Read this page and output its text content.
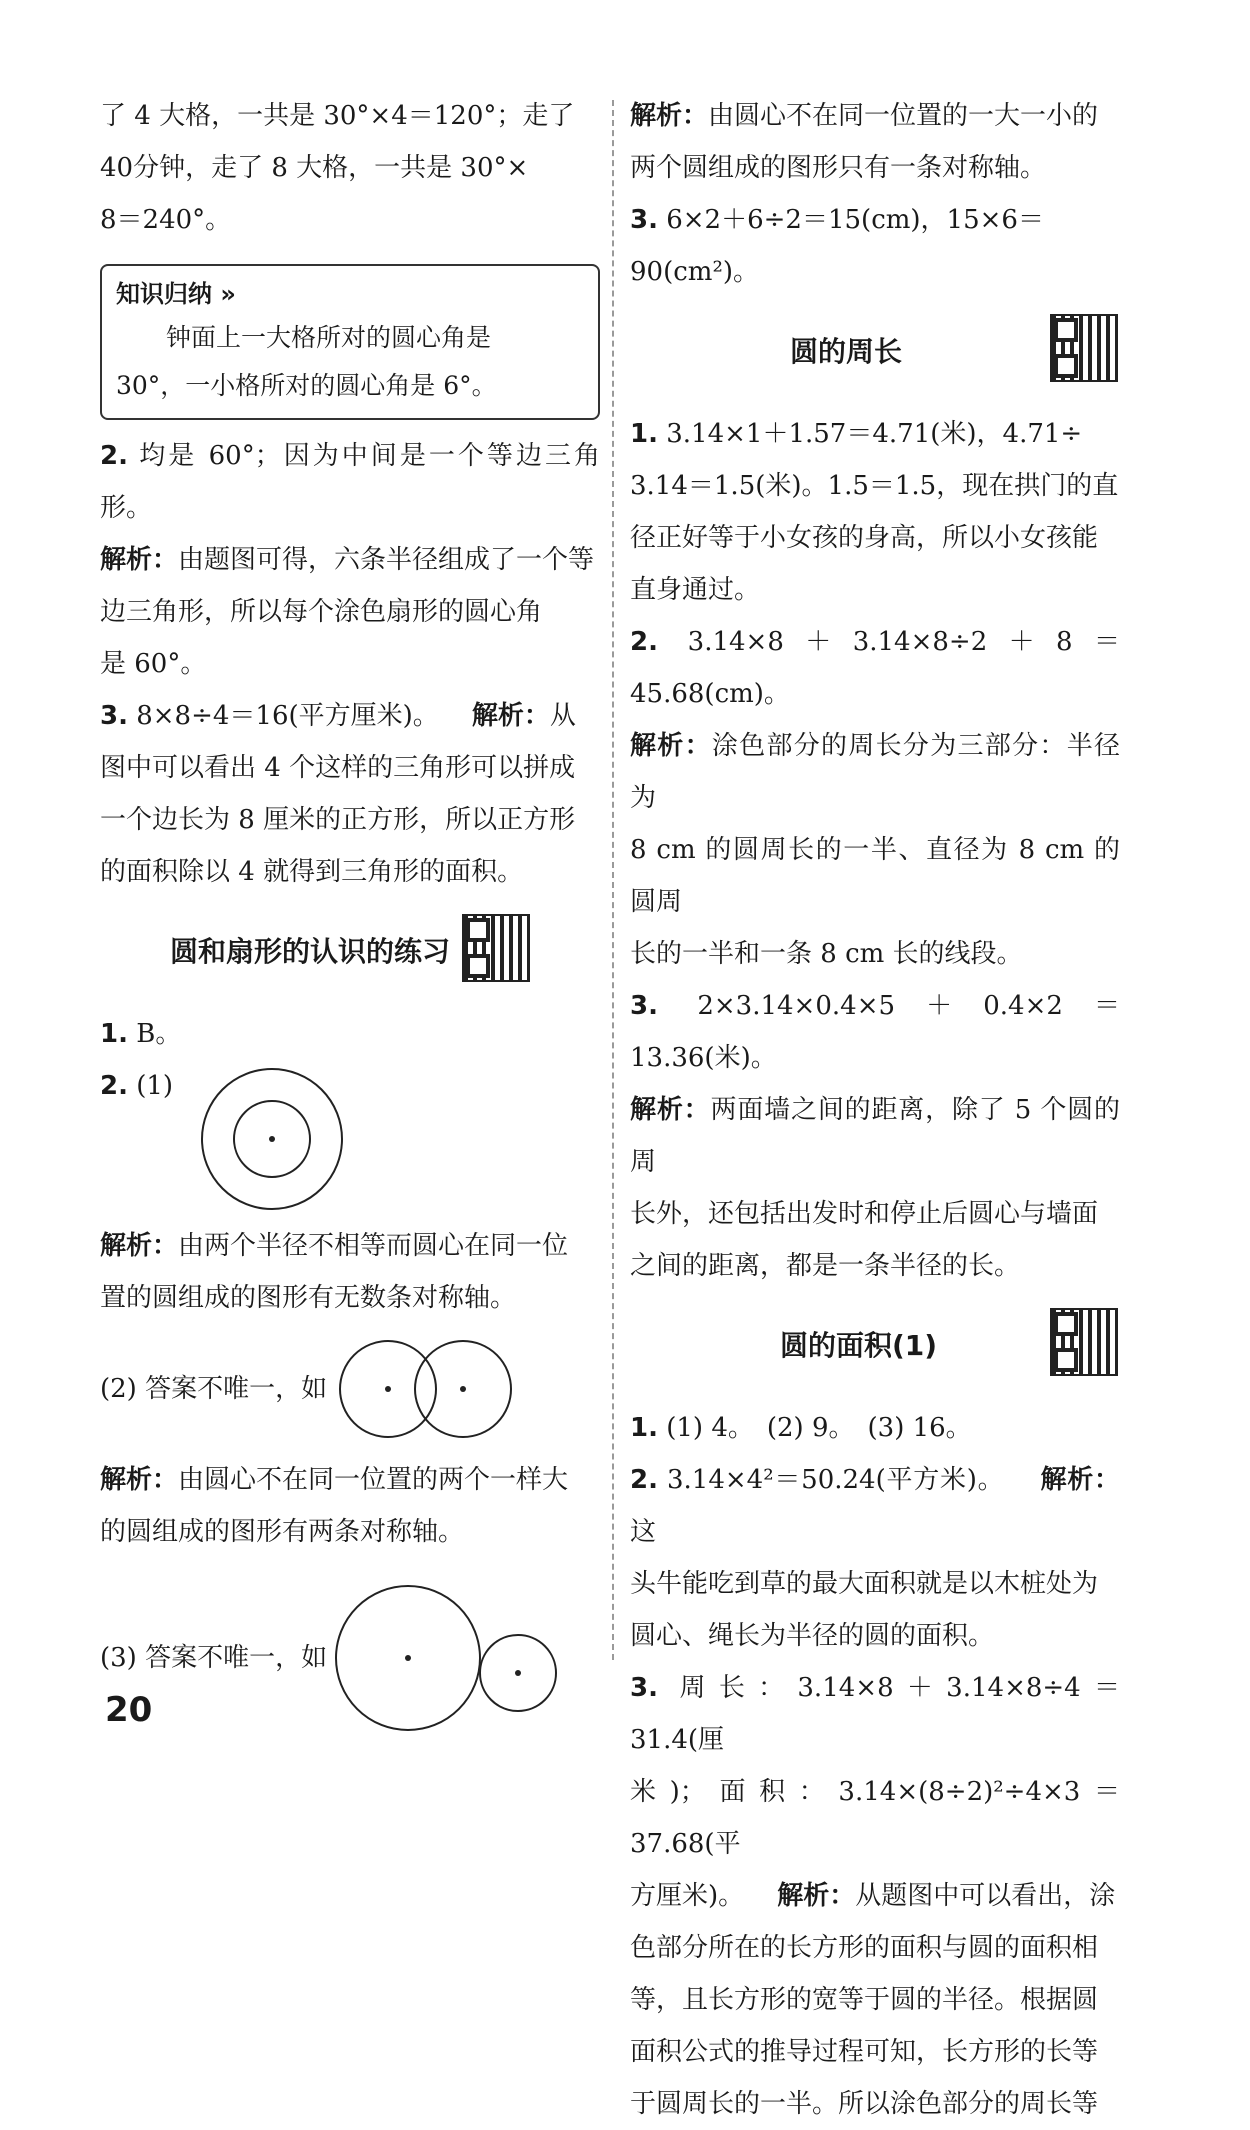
了 4 大格，一共是 30°×4＝120°；走了

40分钟，走了 8 大格，一共是 30°×

8＝240°。

知识归纳 »

钟面上一大格所对的圆心角是

30°，一小格所对的圆心角是 6°。

2. 均是 60°；因为中间是一个等边三角形。

解析：由题图可得，六条半径组成了一个等

边三角形，所以每个涂色扇形的圆心角

是 60°。

3. 8×8÷4＝16(平方厘米)。 解析：从

图中可以看出 4 个这样的三角形可以拼成

一个边长为 8 厘米的正方形，所以正方形

的面积除以 4 就得到三角形的面积。

圆和扇形的认识的练习

1. B。

2. (1)

解析：由两个半径不相等而圆心在同一位

置的圆组成的图形有无数条对称轴。

(2) 答案不唯一，如

解析：由圆心不在同一位置的两个一样大

的圆组成的图形有两条对称轴。

(3) 答案不唯一，如

解析：由圆心不在同一位置的一大一小的

两个圆组成的图形只有一条对称轴。

3. 6×2＋6÷2＝15(cm)，15×6＝

90(cm²)。

圆的周长

1. 3.14×1＋1.57＝4.71(米)，4.71÷

3.14＝1.5(米)。1.5＝1.5，现在拱门的直

径正好等于小女孩的身高，所以小女孩能

直身通过。

2. 3.14×8＋3.14×8÷2＋8＝45.68(cm)。

解析：涂色部分的周长分为三部分：半径为

8 cm 的圆周长的一半、直径为 8 cm 的圆周

长的一半和一条 8 cm 长的线段。

3. 2×3.14×0.4×5＋0.4×2＝13.36(米)。

解析：两面墙之间的距离，除了 5 个圆的周

长外，还包括出发时和停止后圆心与墙面

之间的距离，都是一条半径的长。

圆的面积(1)

1. (1) 4。　(2) 9。　(3) 16。

2. 3.14×4²＝50.24(平方米)。 解析：这

头牛能吃到草的最大面积就是以木桩处为

圆心、绳长为半径的圆的面积。

3. 周长：3.14×8＋3.14×8÷4＝31.4(厘

米)；面积：3.14×(8÷2)²÷4×3＝37.68(平

方厘米)。 解析：从题图中可以看出，涂

色部分所在的长方形的面积与圆的面积相

等，且长方形的宽等于圆的半径。根据圆

面积公式的推导过程可知，长方形的长等

于圆周长的一半。所以涂色部分的周长等

20
